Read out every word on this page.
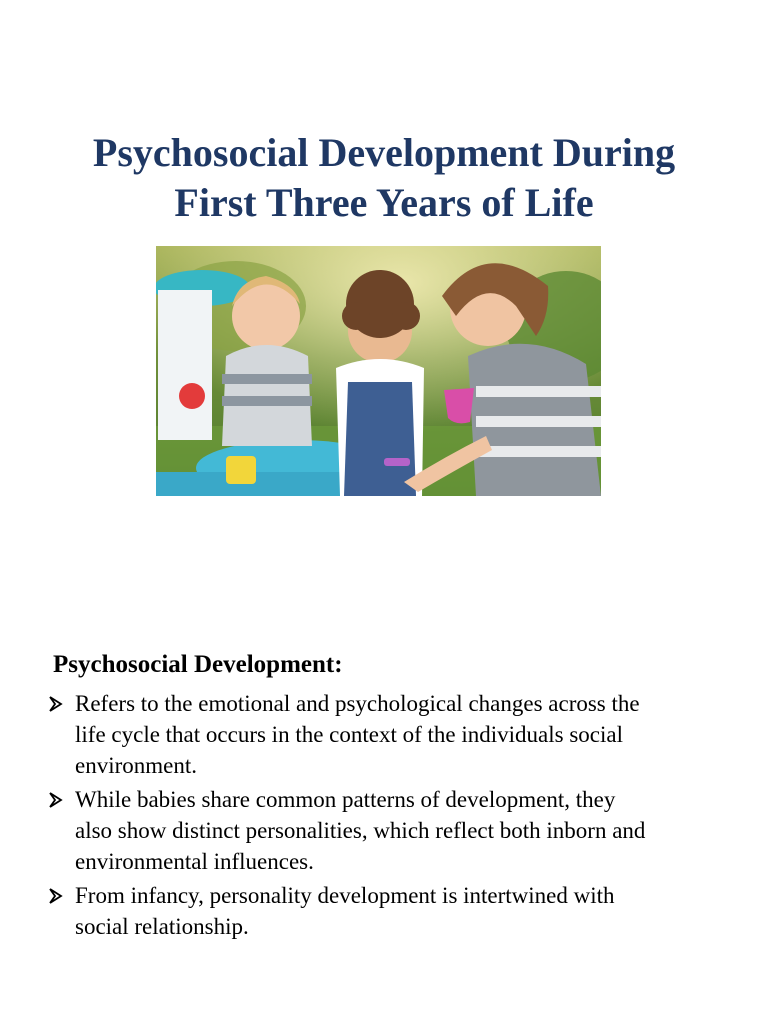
Psychosocial Development During
First Three Years of Life
Psychosocial Development:
Refers to the emotional and psychological changes across the
life cycle that occurs in the context of the individuals social
environment.
While babies share common patterns of development, they
also show distinct personalities, which reflect both inborn and
environmental influences.
From infancy, personality development is intertwined with
social relationship.
